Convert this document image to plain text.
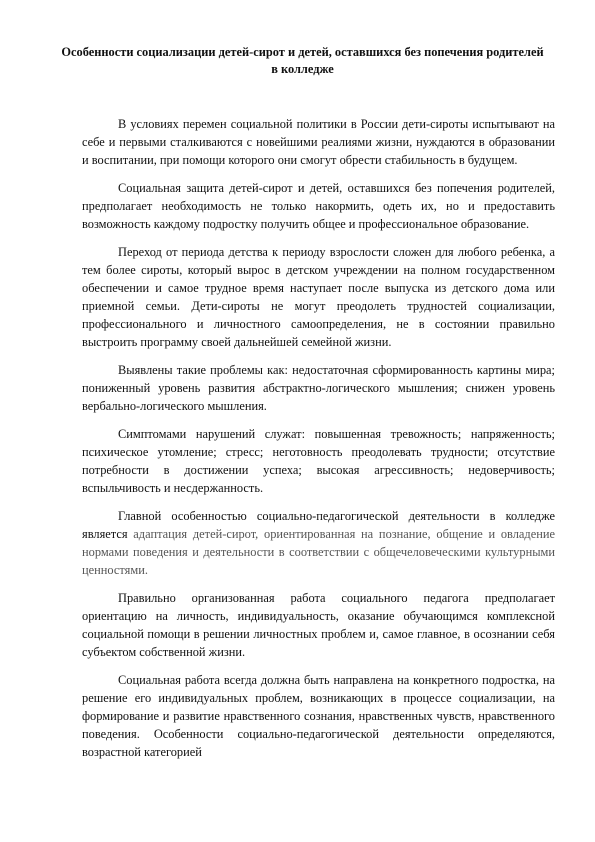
Особенности социализации детей-сирот и детей, оставшихся без попечения родителей в колледже

В условиях перемен социальной политики в России дети-сироты испытывают на себе и первыми сталкиваются с новейшими реалиями жизни, нуждаются в образовании и воспитании, при помощи которого они смогут обрести стабильность в будущем.

Социальная защита детей-сирот и детей, оставшихся без попечения родителей, предполагает необходимость не только накормить, одеть их, но и предоставить возможность каждому подростку получить общее и профессиональное образование.

Переход от периода детства к периоду взрослости сложен для любого ребенка, а тем более сироты, который вырос в детском учреждении на полном государственном обеспечении и самое трудное время наступает после выпуска из детского дома или приемной семьи. Дети-сироты не могут преодолеть трудностей социализации, профессионального и личностного самоопределения, не в состоянии правильно выстроить программу своей дальнейшей семейной жизни.

Выявлены такие проблемы как: недостаточная сформированность картины мира; пониженный уровень развития абстрактно-логического мышления; снижен уровень вербально-логического мышления.

Симптомами нарушений служат: повышенная тревожность; напряженность; психическое утомление; стресс; неготовность преодолевать трудности; отсутствие потребности в достижении успеха; высокая агрессивность; недоверчивость; вспыльчивость и несдержанность.

Главной особенностью социально-педагогической деятельности в колледже является адаптация детей-сирот, ориентированная на познание, общение и овладение нормами поведения и деятельности в соответствии с общечеловеческими культурными ценностями.

Правильно организованная работа социального педагога предполагает ориентацию на личность, индивидуальность, оказание обучающимся комплексной социальной помощи в решении личностных проблем и, самое главное, в осознании себя субъектом собственной жизни.

Социальная работа всегда должна быть направлена на конкретного подростка, на решение его индивидуальных проблем, возникающих в процессе социализации, на формирование и развитие нравственного сознания, нравственных чувств, нравственного поведения. Особенности социально-педагогической деятельности определяются, возрастной категорией
